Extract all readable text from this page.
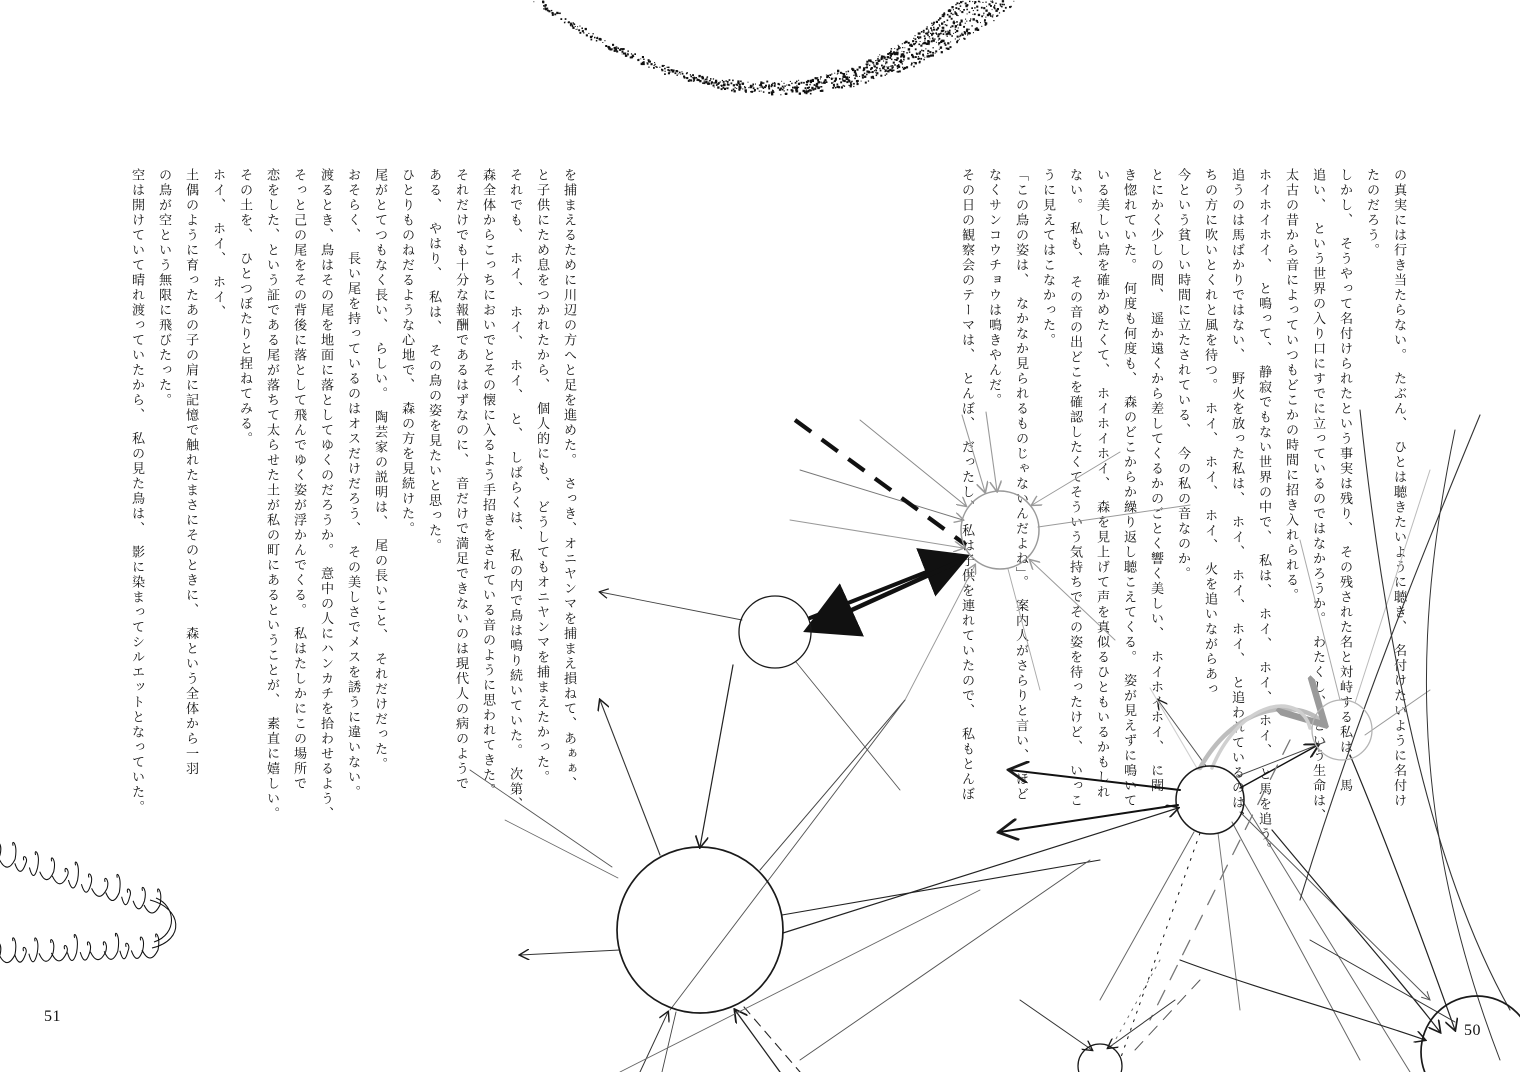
の真実には行き当たらない。　たぶん、　ひとは聴きたいように聴き、　名付けたいように名付け
たのだろう。
しかし、　そうやって名付けられたという事実は残り、　その残された名と対峙する私は、　馬
追い、　という世界の入り口にすでに立っているのではなかろうか。　わたくし、　という生命は、
太古の昔から音によっていつもどこかの時間に招き入れられる。
ホイホイホイ、　と鳴って、　静寂でもない世界の中で、　私は、　ホイ、　ホイ、　ホイ、　と馬を追う。
追うのは馬ばかりではない、　野火を放った私は、　ホイ、　ホイ、　ホイ、　と追われているのは、
ちの方に吹いとくれと風を待つ。　ホイ、　ホイ、　ホイ、　火を追いながらあっ
今という貧しい時間に立たされている、　今の私の音なのか。
とにかく少しの間、　遥か遠くから差してくるかのごとく響く美しい、　ホイホイホイ、　に聞
き惚れていた。　何度も何度も、　森のどこからか繰り返し聴こえてくる。　姿が見えずに鳴いて
いる美しい鳥を確かめたくて、　ホイホイホイ、　森を見上げて声を真似るひともいるかもしれ
ない。　私も、　その音の出どこを確認したくてそういう気持ちでその姿を待ったけど、　いっこ
うに見えてはこなかった。
「この鳥の姿は、　なかなか見られるものじゃないんだよね」。　案内人がさらりと言い、　ほど
なくサンコウチョウは鳴きやんだ。
その日の観察会のテーマは、　とんぼ、　だったし、　私は子供を連れていたので、　私もとんぼ
を捕まえるために川辺の方へと足を進めた。　さっき、オニヤンマを捕まえ損ねて、あぁぁ、
と子供にため息をつかれたから、　個人的にも、　どうしてもオニヤンマを捕まえたかった。
それでも、　ホイ、　ホイ、　ホイ、　と、　しばらくは、　私の内で鳥は鳴り続いていた。　次第、
森全体からこっちにおいでとその懐に入るよう手招きをされている音のように思われてきた。
それだけでも十分な報酬であるはずなのに、　音だけで満足できないのは現代人の病のようで
ある、　やはり、　私は、　その鳥の姿を見たいと思った。
ひとりものねだるような心地で、　森の方を見続けた。
尾がとてつもなく長い、　らしい。　陶芸家の説明は、　尾の長いこと、　それだけだった。
おそらく、　長い尾を持っているのはオスだけだろう、　その美しさでメスを誘うに違いない。
渡るとき、鳥はその尾を地面に落としてゆくのだろうか。　意中の人にハンカチを拾わせるよう、
そっと己の尾をその背後に落として飛んでゆく姿が浮かんでくる。　私はたしかにこの場所で
恋をした、という証である尾が落ちて太らせた土が私の町にあるということが、　素直に嬉しい。
その土を、　ひとつぼたりと捏ねてみる。
ホイ、　ホイ、　ホイ、
土偶のように育ったあの子の肩に記憶で触れたまさにそのときに、　森という全体から一羽
の鳥が空という無限に飛びたった。
空は開けていて晴れ渡っていたから、　私の見た鳥は、　影に染まってシルエットとなっていた。
51
50
